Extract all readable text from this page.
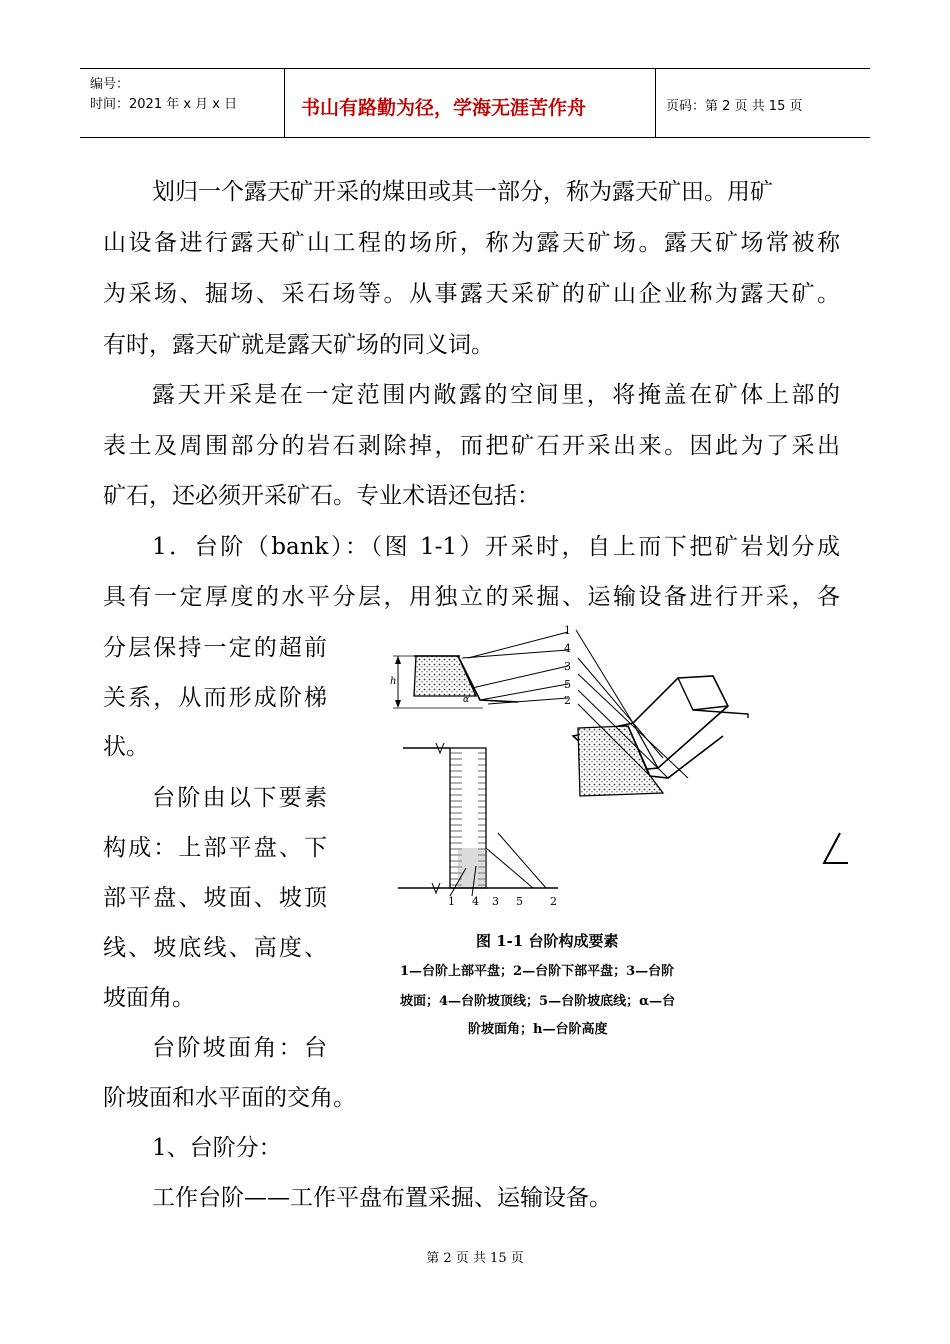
编号：
时间：2021 年 x 月 x 日	书山有路勤为径，学海无涯苦作舟	页码：第 2 页 共 15 页
划归一个露天矿开采的煤田或其一部分，称为露天矿田。用矿
山设备进行露天矿山工程的场所，称为露天矿场。露天矿场常被称
为采场、掘场、采石场等。从事露天采矿的矿山企业称为露天矿。
有时，露天矿就是露天矿场的同义词。
露天开采是在一定范围内敞露的空间里，将掩盖在矿体上部的
表土及周围部分的岩石剥除掉，而把矿石开采出来。因此为了采出
矿石，还必须开采矿石。专业术语还包括：
1．台阶（bank）：（图 1-1）开采时，自上而下把矿岩划分成
具有一定厚度的水平分层，用独立的采掘、运输设备进行开采，各
分层保持一定的超前
关系，从而形成阶梯
状。
台阶由以下要素
构成：上部平盘、下
部平盘、坡面、坡顶
线、坡底线、高度、
坡面角。
台阶坡面角：台
阶坡面和水平面的交角。
1、台阶分：
工作台阶——工作平盘布置采掘、运输设备。
h
α
1
4
3
5
2
1 4 3 5 2
图 1-1 台阶构成要素
1—台阶上部平盘；2—台阶下部平盘；3—台阶
坡面；4—台阶坡顶线；5—台阶坡底线；α—台
阶坡面角；h—台阶高度
第 2 页 共 15 页
